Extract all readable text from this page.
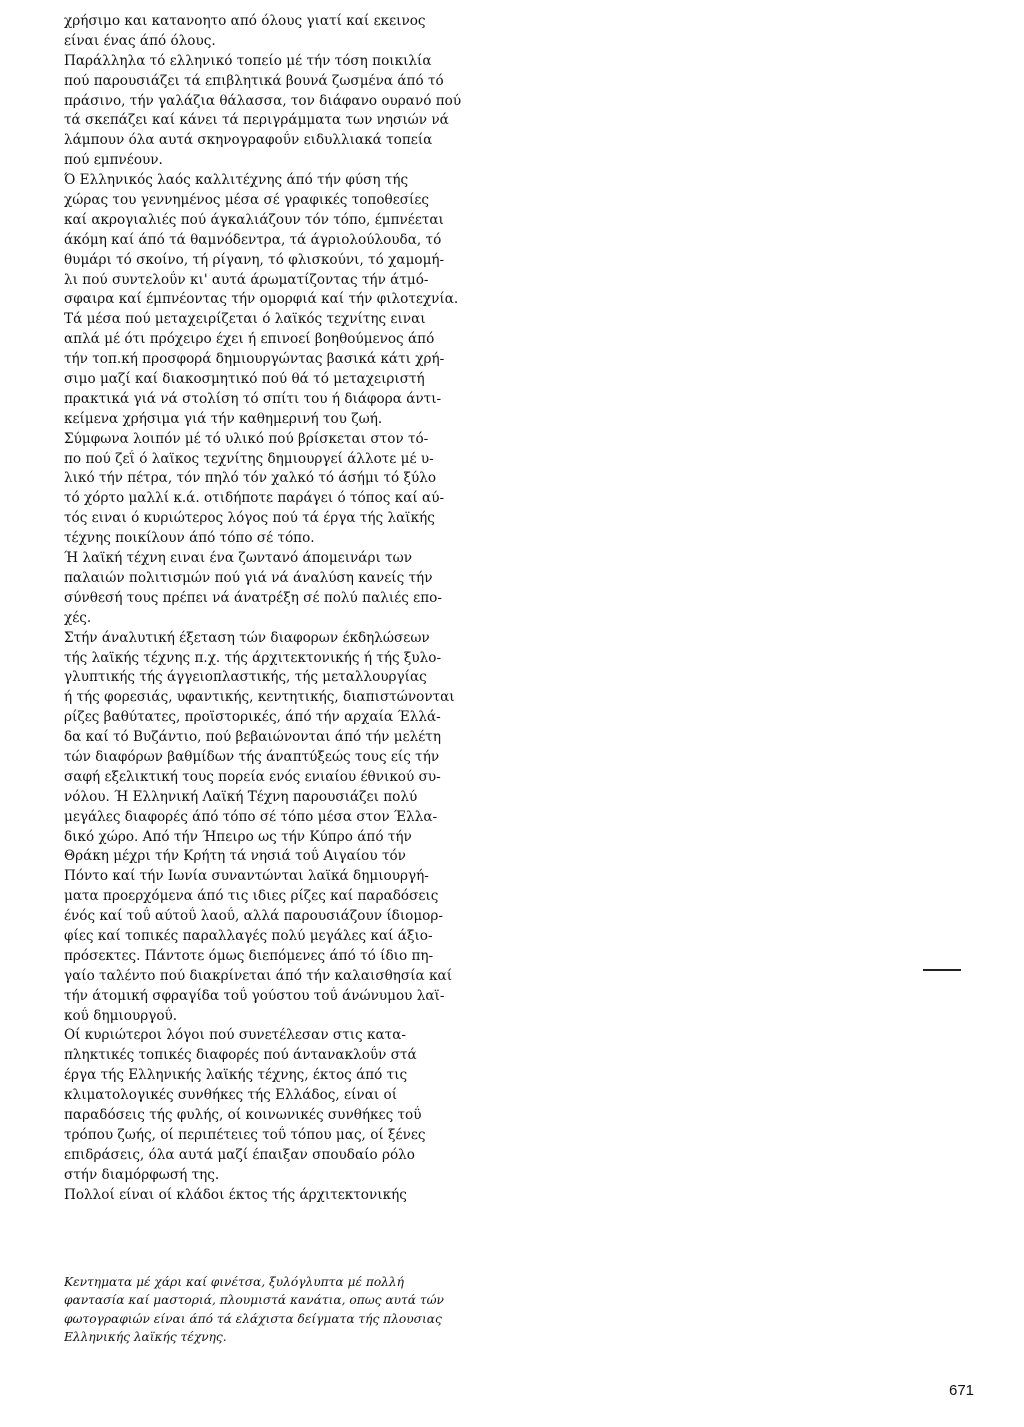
χρήσιμο και κατανοητο από όλους γιατί καί εκεινος
είναι ένας άπό όλους.
Παράλληλα τό ελληνικό τοπείο μέ τήν τόση ποικιλία
πού παρουσιάζει τά επιβλητικά βουνά ζωσμένα άπό τό
πράσινο, τήν γαλάζια θάλασσα, τον διάφανο ουρανό πού
τά σκεπάζει καί κάνει τά περιγράμματα των νησιών νά
λάμπουν όλα αυτά σκηνογραφοΰν ειδυλλιακά τοπεία
πού εμπνέουν.
Ό Ελληνικός λαός καλλιτέχνης άπό τήν φύση τής
χώρας του γεννημένος μέσα σέ γραφικές τοποθεσίες
καί ακρογιαλιές πού άγκαλιάζουν τόν τόπο, έμπνέεται
άκόμη καί άπό τά θαμνόδεντρα, τά άγριολούλουδα, τό
θυμάρι τό σκοίνο, τή ρίγανη, τό φλισκούνι, τό χαμομή-
λι πού συντελοΰν κι' αυτά άρωματίζοντας τήν άτμό-
σφαιρα καί έμπνέοντας τήν ομορφιά καί τήν φιλοτεχνία.
Τά μέσα πού μεταχειρίζεται ό λαϊκός τεχνίτης ειναι
απλά μέ ότι πρόχειρο έχει ή επινοεί βοηθούμενος άπό
τήν τοπ.κή προσφορά δημιουργώντας βασικά κάτι χρή-
σιμο μαζί καί διακοσμητικό πού θά τό μεταχειριστή
πρακτικά γιά νά στολίση τό σπίτι του ή διάφορα άντι-
κείμενα χρήσιμα γιά τήν καθημερινή του ζωή.
Σύμφωνα λοιπόν μέ τό υλικό πού βρίσκεται στον τό-
πο πού ζεΐ ό λαϊκος τεχνίτης δημιουργεί άλλοτε μέ υ-
λικό τήν πέτρα, τόν πηλό τόν χαλκό τό άσήμι τό ξύλο
τό χόρτο μαλλί κ.ά. οτιδήποτε παράγει ό τόπος καί αύ-
τός ειναι ό κυριώτερος λόγος πού τά έργα τής λαϊκής
τέχνης ποικίλουν άπό τόπο σέ τόπο.
Ή λαϊκή τέχνη ειναι ένα ζωντανό άπομεινάρι των
παλαιών πολιτισμών πού γιά νά άναλύση κανείς τήν
σύνθεσή τους πρέπει νά άνατρέξη σέ πολύ παλιές επο-
χές.
Στήν άναλυτική έξεταση τών διαφορων έκδηλώσεων
τής λαϊκής τέχνης π.χ. τής άρχιτεκτονικής ή τής ξυλο-
γλυπτικής τής άγγειοπλαστικής, τής μεταλλουργίας
ή τής φορεσιάς, υφαντικής, κεντητικής, διαπιστώνονται
ρίζες βαθύτατες, προϊστορικές, άπό τήν αρχαία Έλλά-
δα καί τό Βυζάντιο, πού βεβαιώνονται άπό τήν μελέτη
τών διαφόρων βαθμίδων τής άναπτύξεώς τους είς τήν
σαφή εξελικτική τους πορεία ενός ενιαίου έθνικού συ-
νόλου. Ή Ελληνική Λαϊκή Τέχνη παρουσιάζει πολύ
μεγάλες διαφορές άπό τόπο σέ τόπο μέσα στον Έλλα-
δικό χώρο. Από τήν Ήπειρο ως τήν Κύπρο άπό τήν
Θράκη μέχρι τήν Κρήτη τά νησιά τοΰ Αιγαίου τόν
Πόντο καί τήν Ιωνία συναντώνται λαϊκά δημιουργή-
ματα προερχόμενα άπό τις ιδιες ρίζες καί παραδόσεις
ένός καί τοΰ αύτοΰ λαοΰ, αλλά παρουσιάζουν ίδιομορ-
φίες καί τοπικές παραλλαγές πολύ μεγάλες καί άξιο-
πρόσεκτες. Πάντοτε όμως διεπόμενες άπό τό ίδιο πη-
γαίο ταλέντο πού διακρίνεται άπό τήν καλαισθησία καί
τήν άτομική σφραγίδα τοΰ γούστου τοΰ άνώνυμου λαϊ-
κοΰ δημιουργοΰ.
Οί κυριώτεροι λόγοι πού συνετέλεσαν στις κατα-
πληκτικές τοπικές διαφορές πού άντανακλοΰν στά
έργα τής Ελληνικής λαϊκής τέχνης, έκτος άπό τις
κλιματολογικές συνθήκες τής Ελλάδος, είναι οί
παραδόσεις τής φυλής, οί κοινωνικές συνθήκες τοΰ
τρόπου ζωής, οί περιπέτειες τοΰ τόπου μας, οί ξένες
επιδράσεις, όλα αυτά μαζί έπαιξαν σπουδαίο ρόλο
στήν διαμόρφωσή της.
Πολλοί είναι οί κλάδοι έκτος τής άρχιτεκτονικής
Κεντηματα μέ χάρι καί φινέτσα, ξυλόγλυπτα μέ πολλή
φαντασία καί μαστοριά, πλουμιστά κανάτια, οπως αυτά τών
φωτογραφιών είναι άπό τά ελάχιστα δείγματα τής πλουσιας
Ελληνικής λαϊκής τέχνης.
671
